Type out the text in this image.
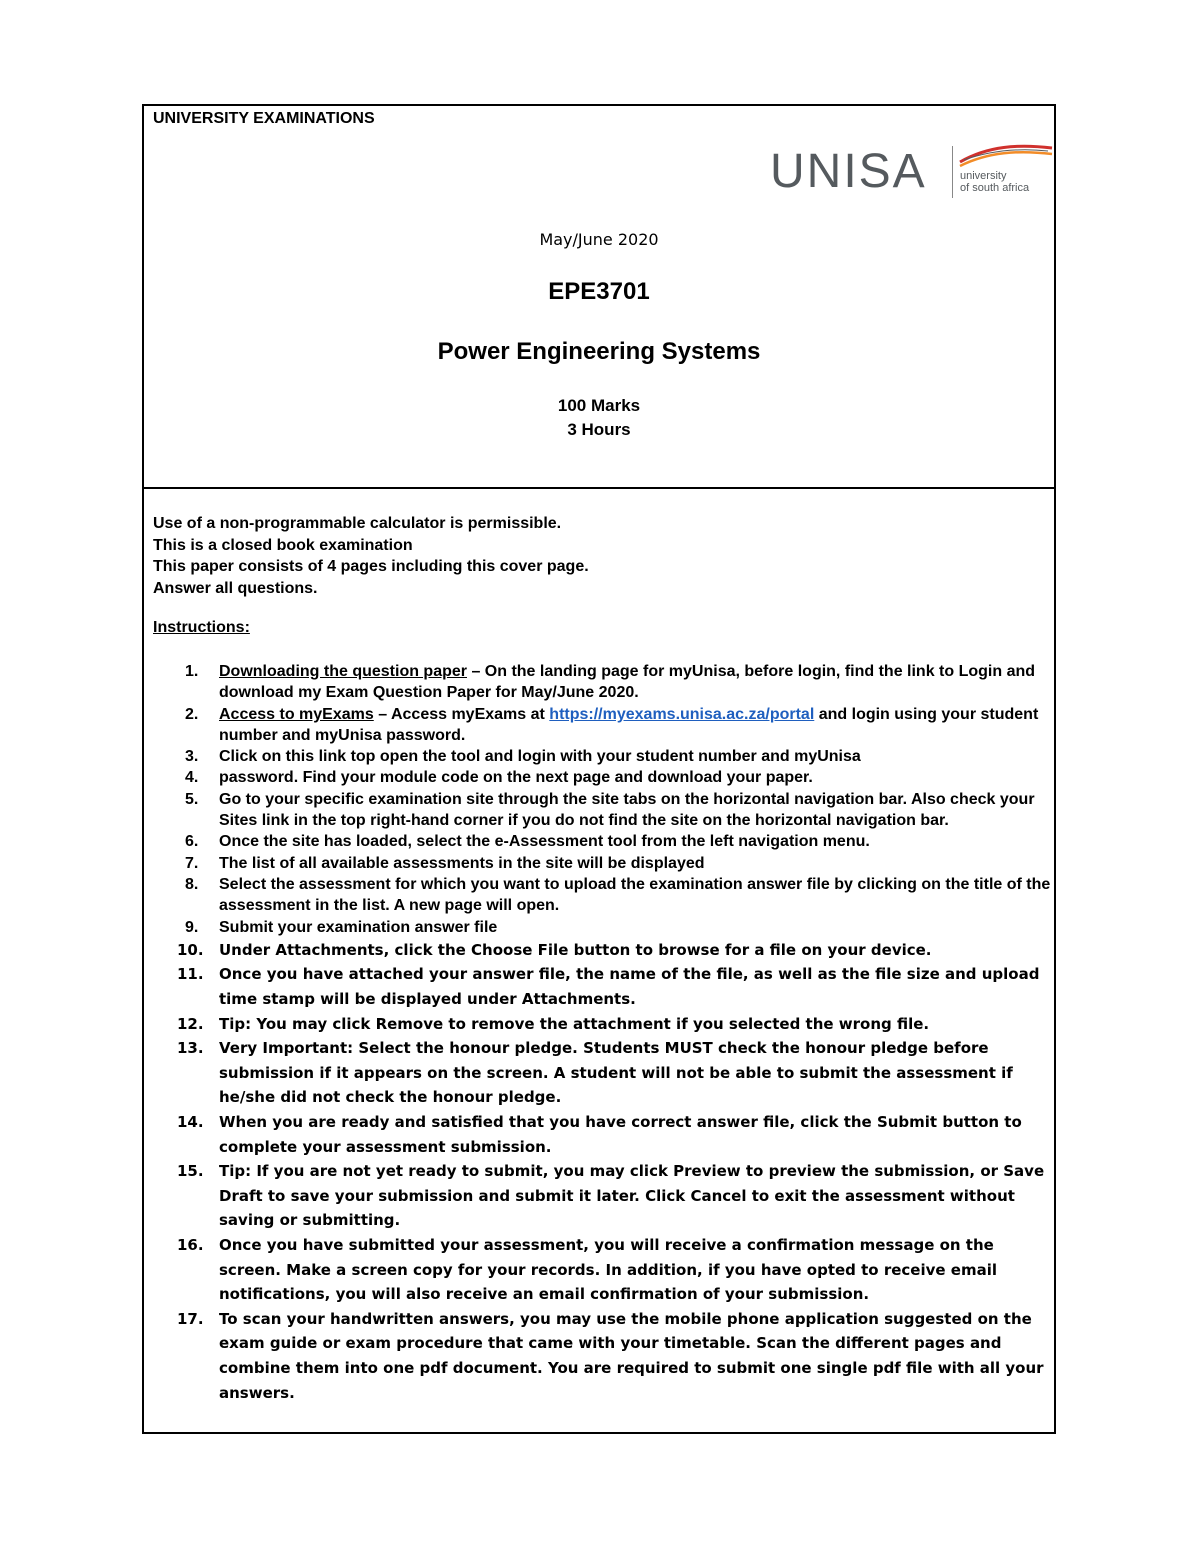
UNIVERSITY EXAMINATIONS
UNISA	university
of south africa
May/June 2020
EPE3701
Power Engineering Systems
100 Marks
3 Hours
Use of a non-programmable calculator is permissible.
This is a closed book examination
This paper consists of 4 pages including this cover page.
Answer all questions.
Instructions:
1. Downloading the question paper – On the landing page for myUnisa, before login, find the link to Login and download my Exam Question Paper for May/June 2020.
2. Access to myExams – Access myExams at https://myexams.unisa.ac.za/portal and login using your student number and myUnisa password.
3. Click on this link top open the tool and login with your student number and myUnisa
4. password. Find your module code on the next page and download your paper.
5. Go to your specific examination site through the site tabs on the horizontal navigation bar. Also check your Sites link in the top right-hand corner if you do not find the site on the horizontal navigation bar.
6. Once the site has loaded, select the e-Assessment tool from the left navigation menu.
7. The list of all available assessments in the site will be displayed
8. Select the assessment for which you want to upload the examination answer file by clicking on the title of the assessment in the list. A new page will open.
9. Submit your examination answer file
10. Under Attachments, click the Choose File button to browse for a file on your device.
11. Once you have attached your answer file, the name of the file, as well as the file size and upload time stamp will be displayed under Attachments.
12. Tip: You may click Remove to remove the attachment if you selected the wrong file.
13. Very Important: Select the honour pledge. Students MUST check the honour pledge before submission if it appears on the screen. A student will not be able to submit the assessment if he/she did not check the honour pledge.
14. When you are ready and satisfied that you have correct answer file, click the Submit button to complete your assessment submission.
15. Tip: If you are not yet ready to submit, you may click Preview to preview the submission, or Save Draft to save your submission and submit it later. Click Cancel to exit the assessment without saving or submitting.
16. Once you have submitted your assessment, you will receive a confirmation message on the screen. Make a screen copy for your records. In addition, if you have opted to receive email notifications, you will also receive an email confirmation of your submission.
17. To scan your handwritten answers, you may use the mobile phone application suggested on the exam guide or exam procedure that came with your timetable. Scan the different pages and combine them into one pdf document. You are required to submit one single pdf file with all your answers.
